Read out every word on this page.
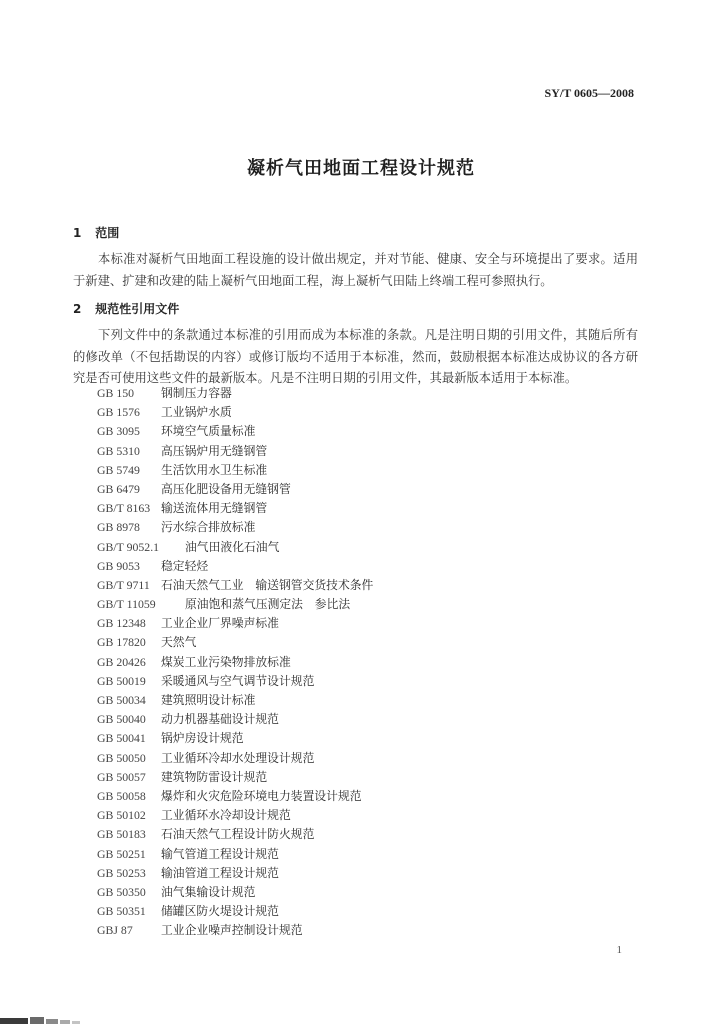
SY/T 0605—2008
凝析气田地面工程设计规范
1 范围
本标准对凝析气田地面工程设施的设计做出规定，并对节能、健康、安全与环境提出了要求。适用于新建、扩建和改建的陆上凝析气田地面工程，海上凝析气田陆上终端工程可参照执行。
2 规范性引用文件
下列文件中的条款通过本标准的引用而成为本标准的条款。凡是注明日期的引用文件，其随后所有的修改单（不包括勘误的内容）或修订版均不适用于本标准，然而，鼓励根据本标准达成协议的各方研究是否可使用这些文件的最新版本。凡是不注明日期的引用文件，其最新版本适用于本标准。
GB 150 钢制压力容器
GB 1576 工业锅炉水质
GB 3095 环境空气质量标准
GB 5310 高压锅炉用无缝钢管
GB 5749 生活饮用水卫生标准
GB 6479 高压化肥设备用无缝钢管
GB/T 8163 输送流体用无缝钢管
GB 8978 污水综合排放标准
GB/T 9052.1 油气田液化石油气
GB 9053 稳定轻烃
GB/T 9711 石油天然气工业　输送钢管交货技术条件
GB/T 11059 原油饱和蒸气压测定法　参比法
GB 12348 工业企业厂界噪声标准
GB 17820 天然气
GB 20426 煤炭工业污染物排放标准
GB 50019 采暖通风与空气调节设计规范
GB 50034 建筑照明设计标准
GB 50040 动力机器基础设计规范
GB 50041 锅炉房设计规范
GB 50050 工业循环冷却水处理设计规范
GB 50057 建筑物防雷设计规范
GB 50058 爆炸和火灾危险环境电力装置设计规范
GB 50102 工业循环水冷却设计规范
GB 50183 石油天然气工程设计防火规范
GB 50251 输气管道工程设计规范
GB 50253 输油管道工程设计规范
GB 50350 油气集输设计规范
GB 50351 储罐区防火堤设计规范
GBJ 87 工业企业噪声控制设计规范
1
